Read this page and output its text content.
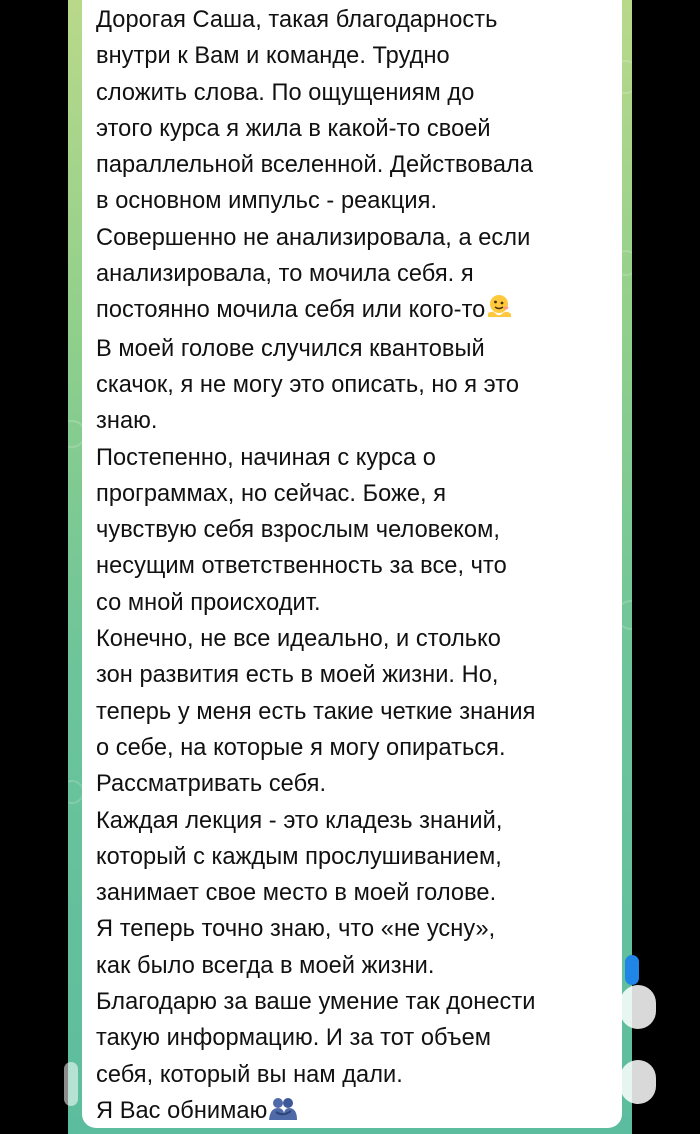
Дорогая Саша, такая благодарность
внутри к Вам и команде. Трудно
сложить слова. По ощущениям до
этого курса я жила в какой-то своей
параллельной вселенной. Действовала
в основном импульс - реакция.
Совершенно не анализировала, а если
анализировала, то мочила себя. я
постоянно мочила себя или кого-то
В моей голове случился квантовый
скачок, я не могу это описать, но я это
знаю.
Постепенно, начиная с курса о
программах, но сейчас. Боже, я
чувствую себя взрослым человеком,
несущим ответственность за все, что
со мной происходит.
Конечно, не все идеально, и столько
зон развития есть в моей жизни. Но,
теперь у меня есть такие четкие знания
о себе, на которые я могу опираться.
Рассматривать себя.
Каждая лекция - это кладезь знаний,
который с каждым прослушиванием,
занимает свое место в моей голове.
Я теперь точно знаю, что «не усну»,
как было всегда в моей жизни.
Благодарю за ваше умение так донести
такую информацию. И за тот объем
себя, который вы нам дали.
Я Вас обнимаю
